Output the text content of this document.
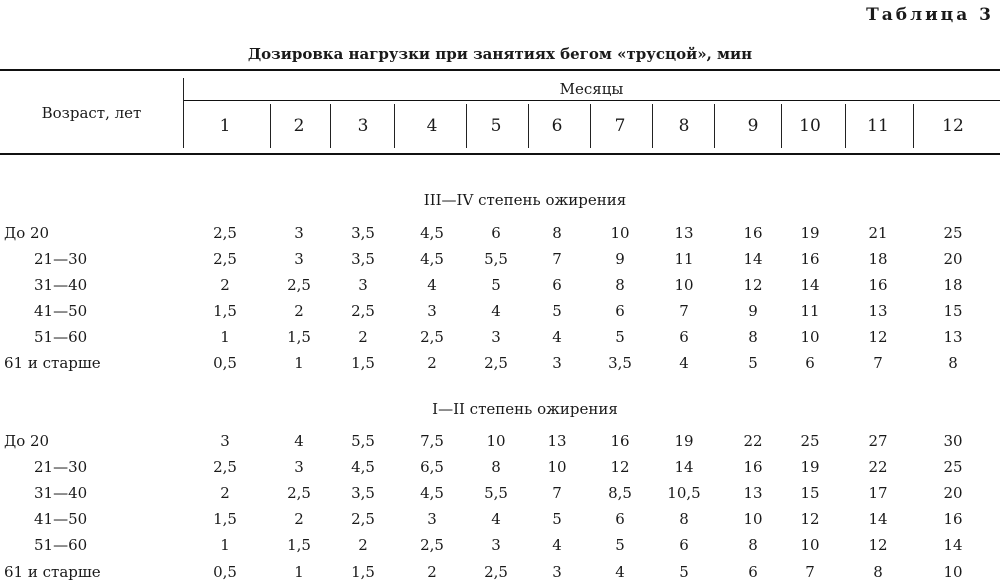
Таблица 3
Дозировка нагрузки при занятиях бегом «трусцой», мин
Возраст, лет
Месяцы
1	2	3	4	5	6	7	8	9	10	11	12
III—IV степень ожирения
До 20	2,5	3	3,5	4,5	6	8	10	13	16	19	21	25
21—30	2,5	3	3,5	4,5	5,5	7	9	11	14	16	18	20
31—40	2	2,5	3	4	5	6	8	10	12	14	16	18
41—50	1,5	2	2,5	3	4	5	6	7	9	11	13	15
51—60	1	1,5	2	2,5	3	4	5	6	8	10	12	13
61 и старше	0,5	1	1,5	2	2,5	3	3,5	4	5	6	7	8
I—II степень ожирения
До 20	3	4	5,5	7,5	10	13	16	19	22	25	27	30
21—30	2,5	3	4,5	6,5	8	10	12	14	16	19	22	25
31—40	2	2,5	3,5	4,5	5,5	7	8,5	10,5	13	15	17	20
41—50	1,5	2	2,5	3	4	5	6	8	10	12	14	16
51—60	1	1,5	2	2,5	3	4	5	6	8	10	12	14
61 и старше	0,5	1	1,5	2	2,5	3	4	5	6	7	8	10
